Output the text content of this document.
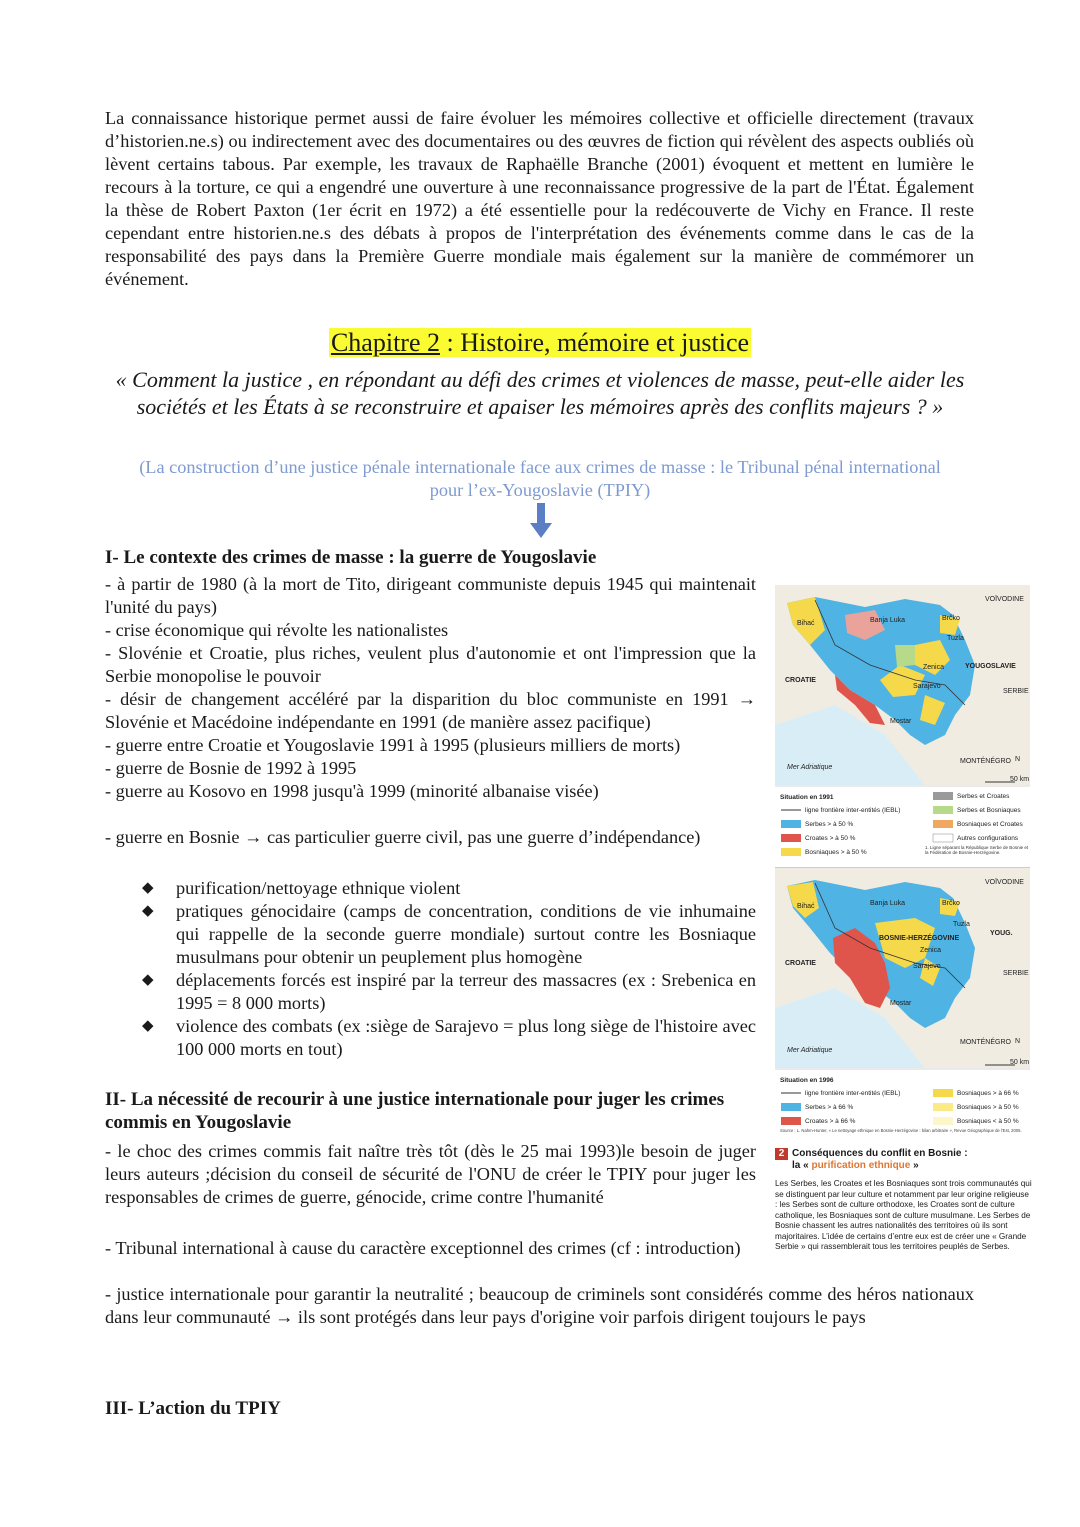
La connaissance historique permet aussi de faire évoluer les mémoires collective et officielle directement (travaux d’historien.ne.s) ou indirectement avec des documentaires ou des œuvres de fiction qui révèlent des aspects oubliés où lèvent certains tabous. Par exemple, les travaux de Raphaëlle Branche (2001) évoquent et mettent en lumière le recours à la torture, ce qui a engendré une ouverture à une reconnaissance progressive de la part de l'État. Également la thèse de Robert Paxton (1er écrit en 1972) a été essentielle pour la redécouverte de Vichy en France. Il reste cependant entre historien.ne.s des débats à propos de l'interprétation des événements comme dans le cas de la responsabilité des pays dans la Première Guerre mondiale mais également sur la manière de commémorer un événement.
Chapitre 2 : Histoire, mémoire et justice
« Comment la justice , en répondant au défi des crimes et violences de masse, peut-elle aider les sociétés et les États à se reconstruire et apaiser les mémoires après des conflits majeurs ? »
(La construction d’une justice pénale internationale face aux crimes de masse : le Tribunal pénal international pour l’ex-Yougoslavie (TPIY)
I- Le contexte des crimes de masse : la guerre de Yougoslavie
- à partir de 1980 (à la mort de Tito, dirigeant communiste depuis 1945 qui maintenait l'unité du pays)
- crise économique qui révolte les nationalistes
- Slovénie et Croatie, plus riches, veulent plus d'autonomie et ont l'impression que la Serbie monopolise le pouvoir
- désir de changement accéléré par la disparition du bloc communiste en 1991 → Slovénie et Macédoine indépendante en 1991 (de manière assez pacifique)
- guerre entre Croatie et Yougoslavie 1991 à 1995 (plusieurs milliers de morts)
- guerre de Bosnie de 1992 à 1995
- guerre au Kosovo en 1998 jusqu'à 1999 (minorité albanaise visée)
- guerre en Bosnie → cas particulier guerre civil, pas une guerre d’indépendance)
◆ purification/nettoyage ethnique violent
◆ pratiques génocidaire (camps de concentration, conditions de vie inhumaine qui rappelle de la seconde guerre mondiale) surtout contre les Bosniaque musulmans pour obtenir un peuplement plus homogène
◆ déplacements forcés est inspiré par la terreur des massacres (ex : Srebenica en 1995 = 8 000 morts)
◆ violence des combats (ex :siège de Sarajevo = plus long siège de l'histoire avec 100 000 morts en tout)
II- La nécessité de recourir à une justice internationale pour juger les crimes commis en Yougoslavie
- le choc des crimes commis fait naître très tôt (dès le 25 mai 1993)le besoin de juger leurs auteurs ;décision du conseil de sécurité de l'ONU de créer le TPIY pour juger les responsables de crimes de guerre, génocide, crime contre l'humanité
- Tribunal international à cause du caractère exceptionnel des crimes (cf : introduction)
- justice internationale pour garantir la neutralité ; beaucoup de criminels sont considérés comme des héros nationaux dans leur communauté → ils sont protégés dans leur pays d'origine voir parfois dirigent toujours le pays
III- L’action du TPIY
Bihać	Banja Luka	Brčko
Tuzla
Zenica
Sarajevo
Mostar
CROATIE
VOÏVODINE
YOUGOSLAVIE
SERBIE
MONTÉNÉGRO
Mer Adriatique
50 km
N
Situation en 1991
ligne frontière inter-entités (IEBL)
Serbes > à 50 %
Croates > à 50 %
Bosniaques > à 50 %
Serbes et Croates
Serbes et Bosniaques
Bosniaques et Croates
Autres configurations
1. Ligne séparant la République Serbe de Bosnie et la Fédération de Bosnie-Herzégovine.
Bihać	Banja Luka	Brčko
Tuzla
BOSNIE-HERZÉGOVINE
Zenica
Sarajevo
Mostar
CROATIE
VOÏVODINE
YOUG.
SERBIE
MONTÉNÉGRO
Mer Adriatique
50 km
N
Situation en 1996
ligne frontière inter-entités (IEBL)
Serbes > à 66 %
Croates > à 66 %
Bosniaques > à 66 %
Bosniaques > à 50 %
Bosniaques < à 50 %
Source : L. Nahm-Hunter, « Le nettoyage ethnique en Bosnie-Herzégovine : bilan arbitraire », Revue Géographique de l’Est, 2005.
2 Conséquences du conflit en Bosnie :
la « purification ethnique »
Les Serbes, les Croates et les Bosniaques sont trois communautés qui se distinguent par leur culture et notamment par leur origine religieuse : les Serbes sont de culture orthodoxe, les Croates sont de culture catholique, les Bosniaques sont de culture musulmane. Les Serbes de Bosnie chassent les autres nationalités des territoires où ils sont majoritaires. L’idée de certains d’entre eux est de créer une « Grande Serbie » qui rassemblerait tous les territoires peuplés de Serbes.
